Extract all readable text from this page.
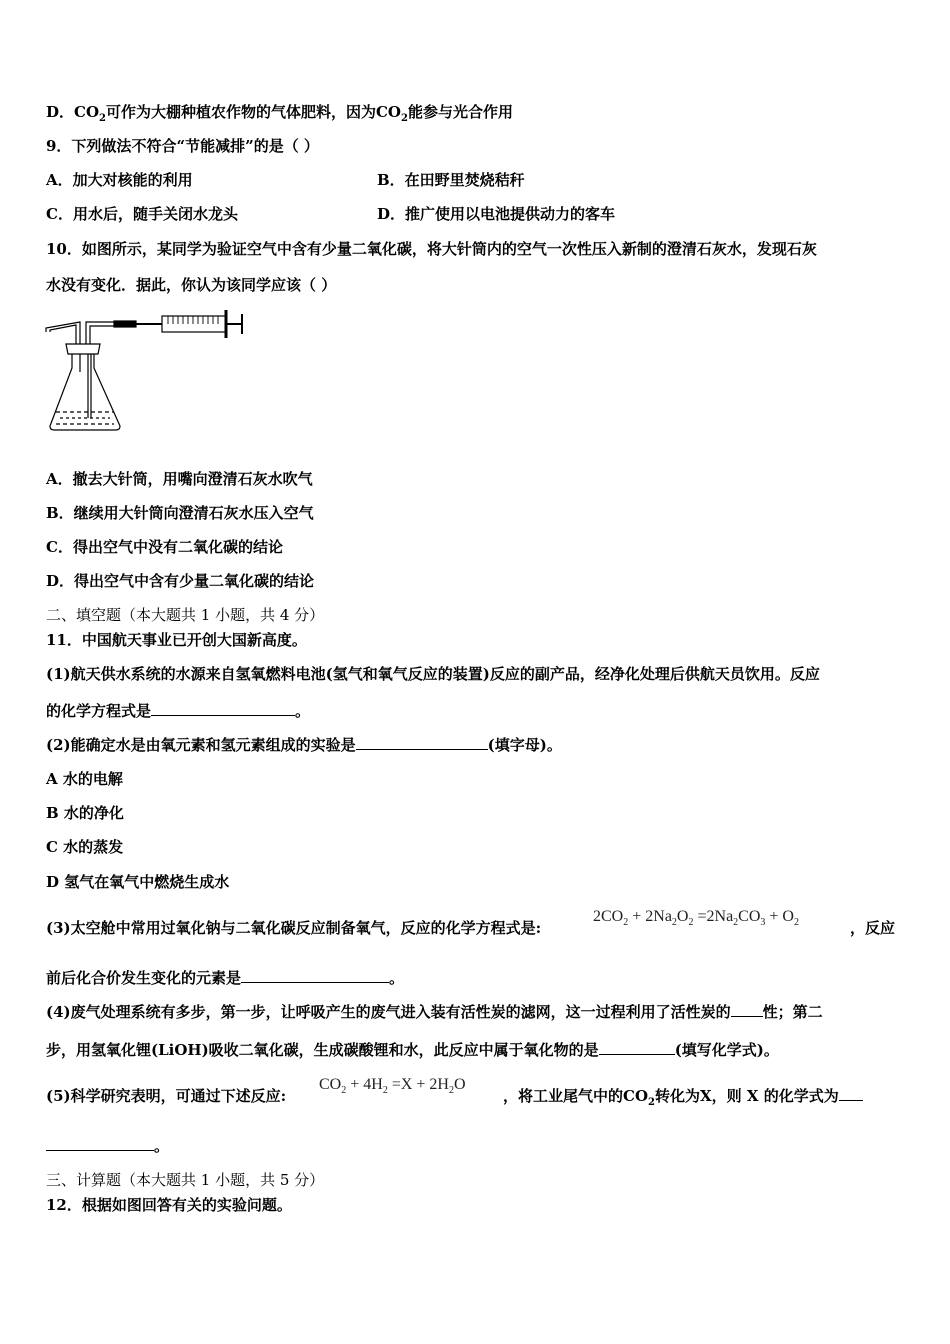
D．$CO_2$可作为大棚种植农作物的气体肥料，因为$CO_2$能参与光合作用
9．下列做法不符合“节能减排”的是（ ）
A．加大对核能的利用	B．在田野里焚烧秸秆
C．用水后，随手关闭水龙头	D．推广使用以电池提供动力的客车
10．如图所示，某同学为验证空气中含有少量二氧化碳，将大针筒内的空气一次性压入新制的澄清石灰水，发现石灰
水没有变化．据此，你认为该同学应该（ ）
A．撤去大针筒，用嘴向澄清石灰水吹气
B．继续用大针筒向澄清石灰水压入空气
C．得出空气中没有二氧化碳的结论
D．得出空气中含有少量二氧化碳的结论
二、填空题（本大题共 1 小题，共 4 分）
11．中国航天事业已开创大国新高度。
(1)航天供水系统的水源来自氢氧燃料电池(氢气和氧气反应的装置)反应的副产品，经净化处理后供航天员饮用。反应
的化学方程式是	。
(2)能确定水是由氧元素和氢元素组成的实验是	(填字母)。
A 水的电解
B 水的净化
C 水的蒸发
D 氢气在氧气中燃烧生成水
(3)太空舱中常用过氧化钠与二氧化碳反应制备氧气，反应的化学方程式是:
$2CO_2 + 2Na_2O_2 =2Na_2CO_3 + O_2$	，反应
前后化合价发生变化的元素是	。
(4)废气处理系统有多步，第一步，让呼吸产生的废气进入装有活性炭的滤网，这一过程利用了活性炭的 性；第二
步，用氢氧化锂(LiOH)吸收二氧化碳，生成碳酸锂和水，此反应中属于氧化物的是	(填写化学式)。
(5)科学研究表明，可通过下述反应:
$CO_2 + 4H_2 =X + 2H_2O$
，将工业尾气中的$CO_2$转化为X，则 X 的化学式为
。
三、计算题（本大题共 1 小题，共 5 分）
12．根据如图回答有关的实验问题。
